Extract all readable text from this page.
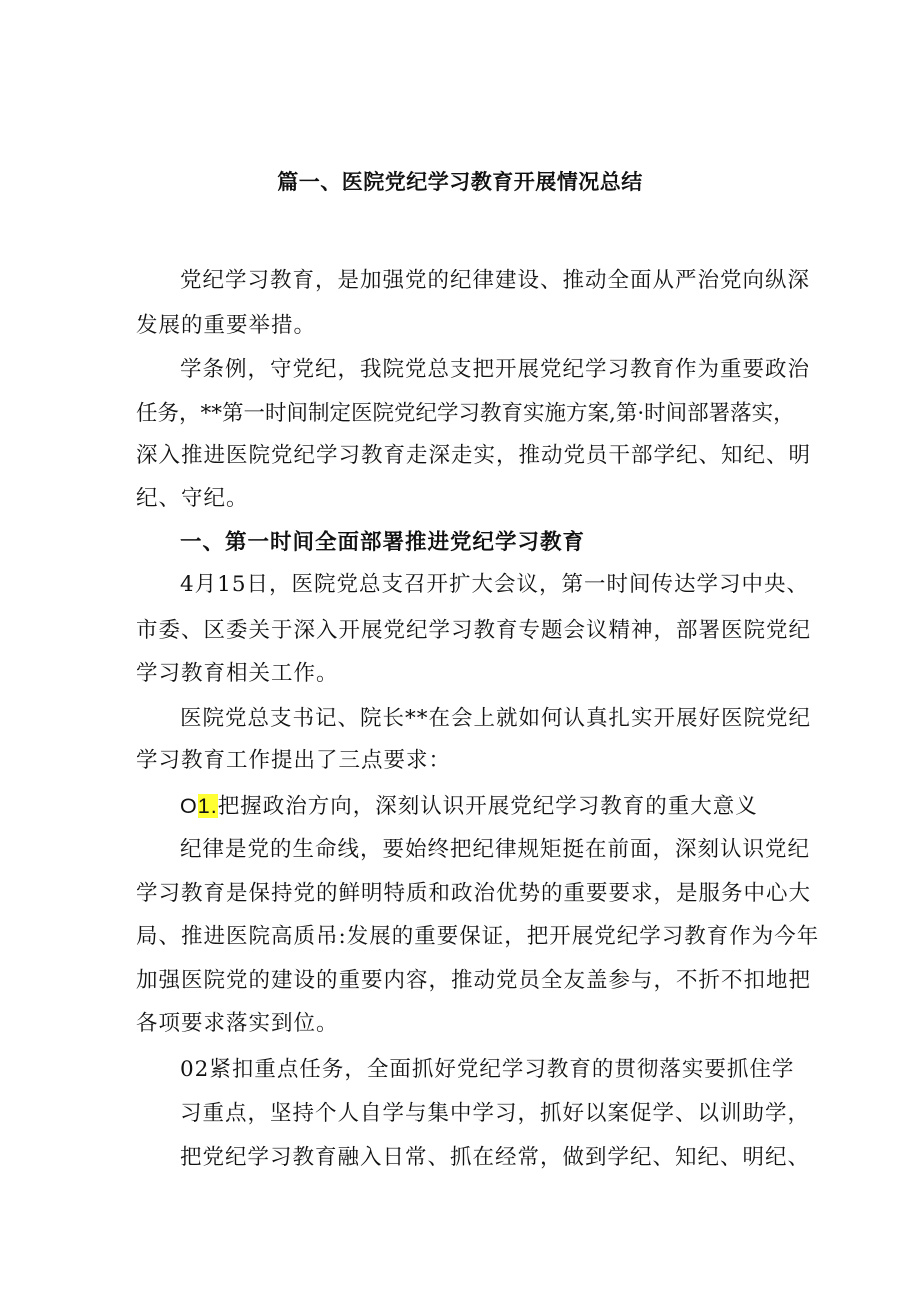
篇一、医院党纪学习教育开展情况总结
党纪学习教育，是加强党的纪律建设、推动全面从严治党向纵深
发展的重要举措。
学条例，守党纪，我院党总支把开展党纪学习教育作为重要政治
任务，**第一时间制定医院党纪学习教育实施方案,第·时间部署落实，
深入推进医院党纪学习教育走深走实，推动党员干部学纪、知纪、明
纪、守纪。
一、第一时间全面部署推进党纪学习教育
4月15日，医院党总支召开扩大会议，第一时间传达学习中央、
市委、区委关于深入开展党纪学习教育专题会议精神，部署医院党纪
学习教育相关工作。
医院党总支书记、院长**在会上就如何认真扎实开展好医院党纪
学习教育工作提出了三点要求：
O1.把握政治方向，深刻认识开展党纪学习教育的重大意义
纪律是党的生命线，要始终把纪律规矩挺在前面，深刻认识党纪
学习教育是保持党的鲜明特质和政治优势的重要要求，是服务中心大
局、推进医院高质吊:发展的重要保证，把开展党纪学习教育作为今年
加强医院党的建设的重要内容，推动党员全友盖参与，不折不扣地把
各项要求落实到位。
02紧扣重点任务，全面抓好党纪学习教育的贯彻落实要抓住学
习重点，坚持个人自学与集中学习，抓好以案促学、以训助学，
把党纪学习教育融入日常、抓在经常，做到学纪、知纪、明纪、
